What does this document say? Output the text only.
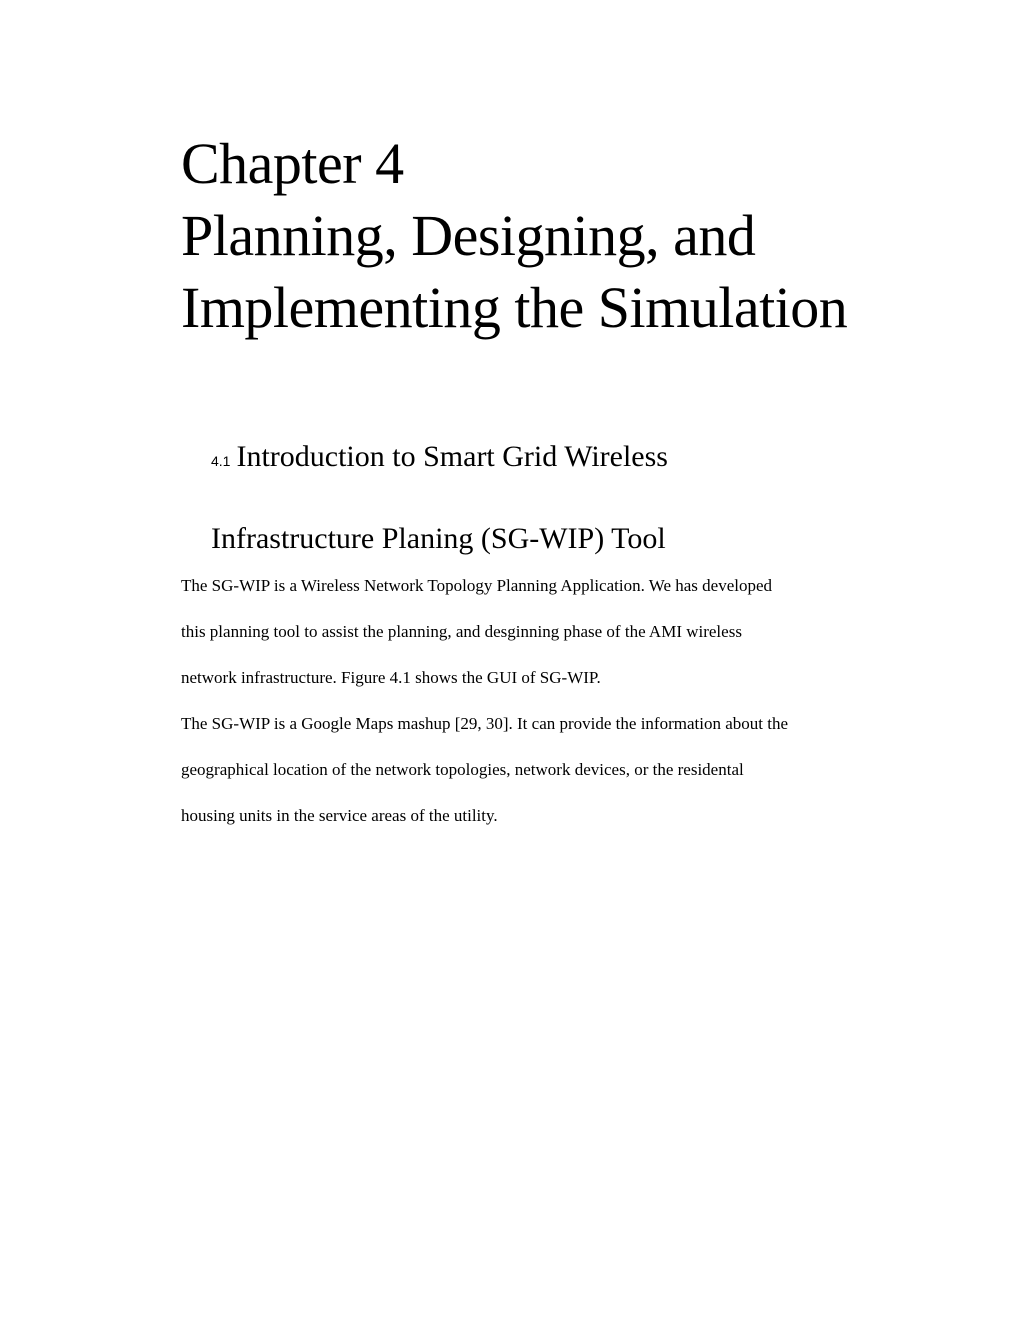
Chapter 4
Planning, Designing, and
Implementing the Simulation
4.1 Introduction to Smart Grid Wireless
Infrastructure Planing (SG-WIP) Tool

The SG-WIP is a Wireless Network Topology Planning Application. We has developed
this planning tool to assist the planning, and desginning phase of the AMI wireless
network infrastructure. Figure 4.1 shows the GUI of SG-WIP.

The SG-WIP is a Google Maps mashup [29, 30]. It can provide the information about the
geographical location of the network topologies, network devices, or the residental
housing units in the service areas of the utility.
